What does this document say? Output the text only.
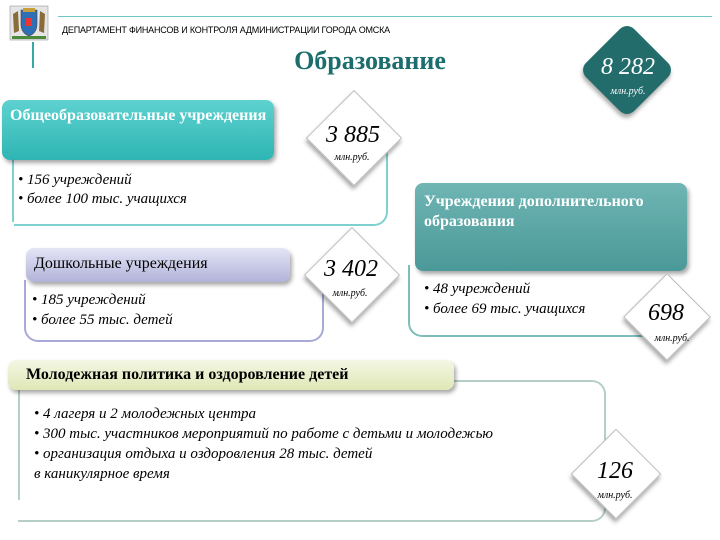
ДЕПАРТАМЕНТ ФИНАНСОВ И КОНТРОЛЯ АДМИНИСТРАЦИИ ГОРОДА ОМСКА
Образование	8 282
млн.руб.
Общеобразовательные учреждения
• 156 учреждений
• более 100 тыс. учащихся
3 885
млн.руб.
Дошкольные учреждения
• 185 учреждений
• более 55 тыс. детей
3 402
млн.руб.
Учреждения дополнительного образования
• 48 учреждений
• более 69 тыс. учащихся	698
млн.руб.
Молодежная политика и оздоровление детей
• 4 лагеря и 2 молодежных центра
• 300 тыс. участников мероприятий по работе с детьми и молодежью
• организация отдыха и оздоровления 28 тыс. детей
в каникулярное время	126
млн.руб.
